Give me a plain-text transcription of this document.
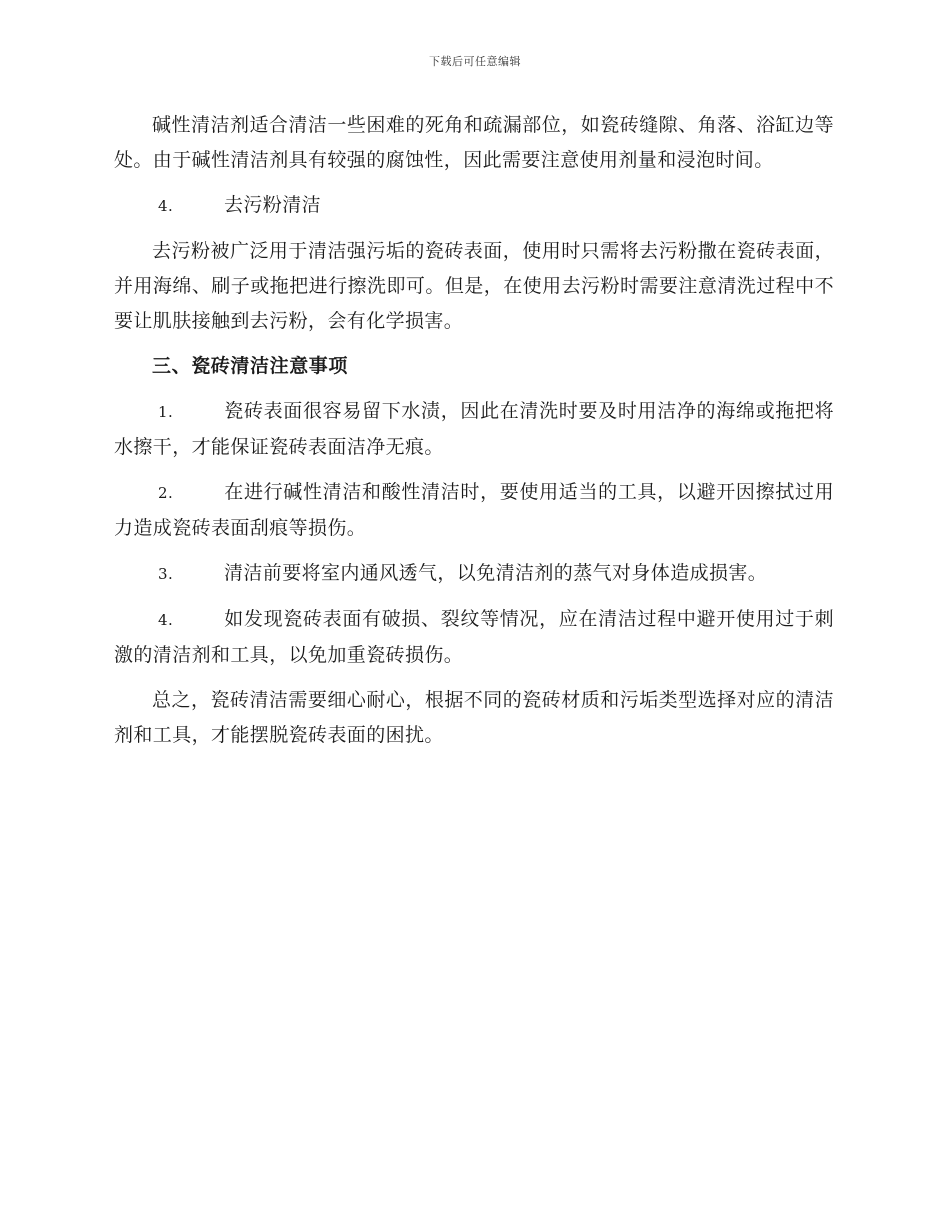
下载后可任意编辑

碱性清洁剂适合清洁一些困难的死角和疏漏部位，如瓷砖缝隙、角落、浴缸边等处。由于碱性清洁剂具有较强的腐蚀性，因此需要注意使用剂量和浸泡时间。

4.	去污粉清洁

去污粉被广泛用于清洁强污垢的瓷砖表面，使用时只需将去污粉撒在瓷砖表面，并用海绵、刷子或拖把进行擦洗即可。但是，在使用去污粉时需要注意清洗过程中不要让肌肤接触到去污粉，会有化学损害。

三、瓷砖清洁注意事项

1.	瓷砖表面很容易留下水渍，因此在清洗时要及时用洁净的海绵或拖把将水擦干，才能保证瓷砖表面洁净无痕。

2.	在进行碱性清洁和酸性清洁时，要使用适当的工具，以避开因擦拭过用力造成瓷砖表面刮痕等损伤。

3.	清洁前要将室内通风透气，以免清洁剂的蒸气对身体造成损害。

4.	如发现瓷砖表面有破损、裂纹等情况，应在清洁过程中避开使用过于刺激的清洁剂和工具，以免加重瓷砖损伤。

总之，瓷砖清洁需要细心耐心，根据不同的瓷砖材质和污垢类型选择对应的清洁剂和工具，才能摆脱瓷砖表面的困扰。
